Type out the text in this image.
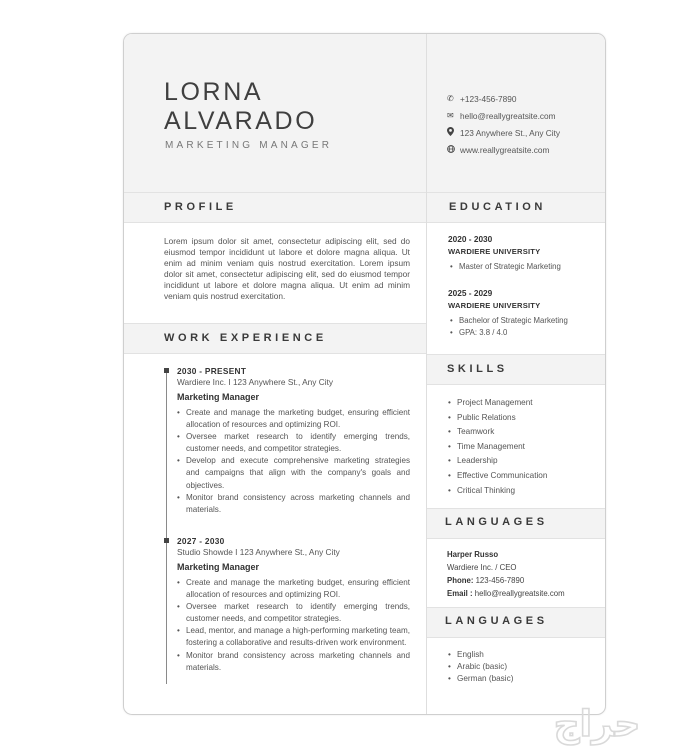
LORNA
ALVARADO
MARKETING MANAGER
✆ +123-456-7890
✉ hello@reallygreatsite.com
123 Anywhere St., Any City
www.reallygreatsite.com
PROFILE	EDUCATION
Lorem ipsum dolor sit amet, consectetur adipiscing elit, sed do eiusmod tempor incididunt ut labore et dolore magna aliqua. Ut enim ad minim veniam quis nostrud exercitation. Lorem ipsum dolor sit amet, consectetur adipiscing elit, sed do eiusmod tempor incididunt ut labore et dolore magna aliqua. Ut enim ad minim veniam quis nostrud exercitation.
WORK EXPERIENCE
2030 - PRESENT
Wardiere Inc. I 123 Anywhere St., Any City
Marketing Manager
• Create and manage the marketing budget, ensuring efficient allocation of resources and optimizing ROI.
• Oversee market research to identify emerging trends, customer needs, and competitor strategies.
• Develop and execute comprehensive marketing strategies and campaigns that align with the company's goals and objectives.
• Monitor brand consistency across marketing channels and materials.
2027 - 2030
Studio Showde I 123 Anywhere St., Any City
Marketing Manager
• Create and manage the marketing budget, ensuring efficient allocation of resources and optimizing ROI.
• Oversee market research to identify emerging trends, customer needs, and competitor strategies.
• Lead, mentor, and manage a high-performing marketing team, fostering a collaborative and results-driven work environment.
• Monitor brand consistency across marketing channels and materials.
2020 - 2030
WARDIERE UNIVERSITY
• Master of Strategic Marketing
2025 - 2029
WARDIERE UNIVERSITY
• Bachelor of Strategic Marketing
• GPA: 3.8 / 4.0
SKILLS
• Project Management
• Public Relations
• Teamwork
• Time Management
• Leadership
• Effective Communication
• Critical Thinking
LANGUAGES
Harper Russo
Wardiere Inc. / CEO
Phone: 123-456-7890
Email : hello@reallygreatsite.com
LANGUAGES
• English
• Arabic (basic)
• German (basic)
حراج
